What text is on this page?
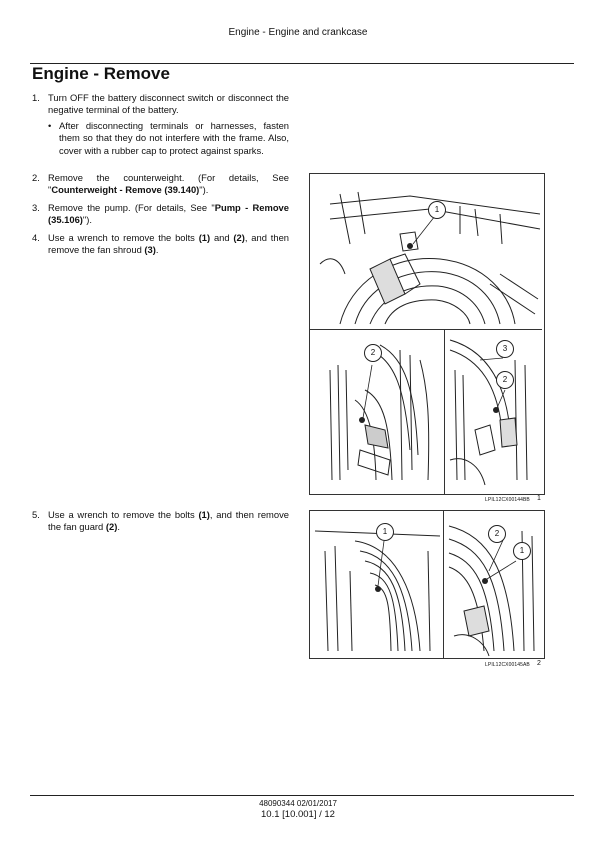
Engine - Engine and crankcase
Engine - Remove
1. Turn OFF the battery disconnect switch or disconnect the negative terminal of the battery.
• After disconnecting terminals or harnesses, fasten them so that they do not interfere with the frame. Also, cover with a rubber cap to protect against sparks.
2. Remove the counterweight. (For details, See "Counterweight - Remove (39.140)").
3. Remove the pump. (For details, See "Pump - Remove (35.106)").
4. Use a wrench to remove the bolts (1) and (2), and then remove the fan shroud (3).
5. Use a wrench to remove the bolts (1), and then remove the fan guard (2).
1
2	3
2
LPIL12CX00144BB 1
1	2
1
LPIL12CX00145AB 2
48090344 02/01/2017
10.1 [10.001] / 12
